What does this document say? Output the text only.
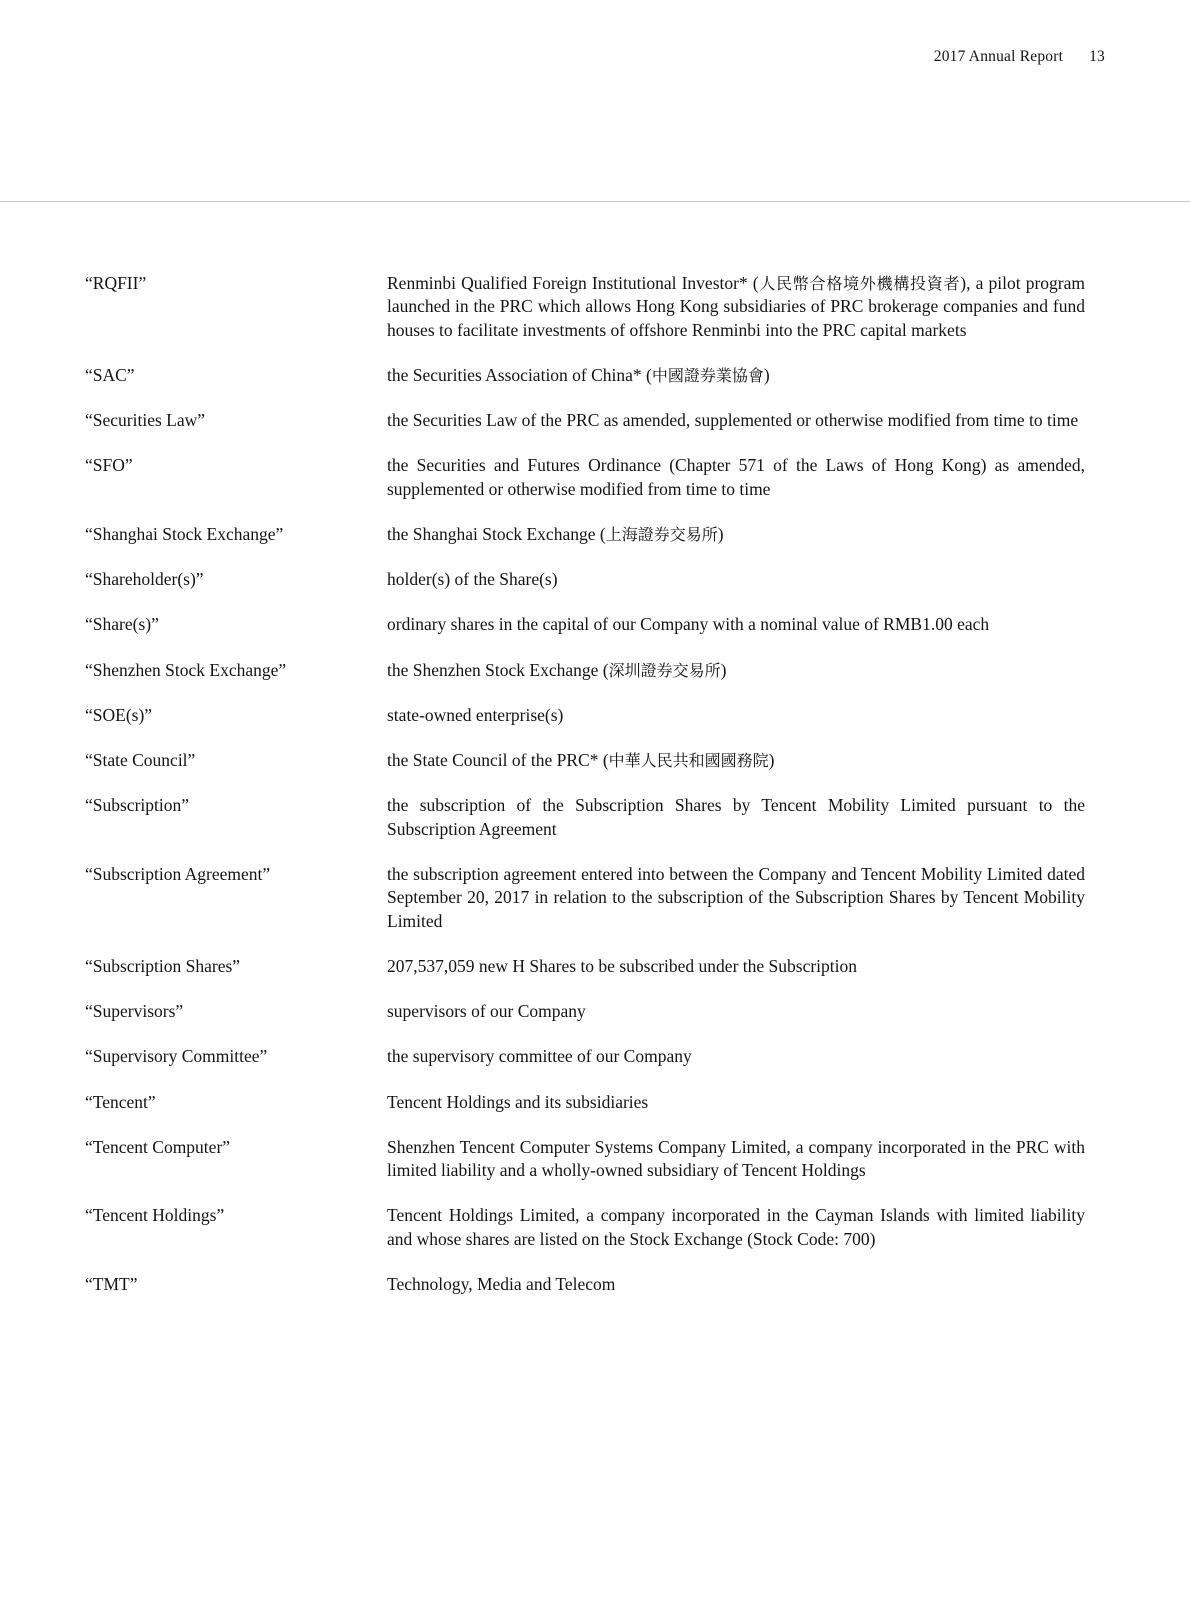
2017 Annual Report 13
“RQFII”	Renminbi Qualified Foreign Institutional Investor* (人民幣合格境外機構投資者), a pilot program launched in the PRC which allows Hong Kong subsidiaries of PRC brokerage companies and fund houses to facilitate investments of offshore Renminbi into the PRC capital markets
“SAC”	the Securities Association of China* (中國證券業協會)
“Securities Law”	the Securities Law of the PRC as amended, supplemented or otherwise modified from time to time
“SFO”	the Securities and Futures Ordinance (Chapter 571 of the Laws of Hong Kong) as amended, supplemented or otherwise modified from time to time
“Shanghai Stock Exchange”	the Shanghai Stock Exchange (上海證券交易所)
“Shareholder(s)”	holder(s) of the Share(s)
“Share(s)”	ordinary shares in the capital of our Company with a nominal value of RMB1.00 each
“Shenzhen Stock Exchange”	the Shenzhen Stock Exchange (深圳證券交易所)
“SOE(s)”	state-owned enterprise(s)
“State Council”	the State Council of the PRC* (中華人民共和國國務院)
“Subscription”	the subscription of the Subscription Shares by Tencent Mobility Limited pursuant to the Subscription Agreement
“Subscription Agreement”	the subscription agreement entered into between the Company and Tencent Mobility Limited dated September 20, 2017 in relation to the subscription of the Subscription Shares by Tencent Mobility Limited
“Subscription Shares”	207,537,059 new H Shares to be subscribed under the Subscription
“Supervisors”	supervisors of our Company
“Supervisory Committee”	the supervisory committee of our Company
“Tencent”	Tencent Holdings and its subsidiaries
“Tencent Computer”	Shenzhen Tencent Computer Systems Company Limited, a company incorporated in the PRC with limited liability and a wholly-owned subsidiary of Tencent Holdings
“Tencent Holdings”	Tencent Holdings Limited, a company incorporated in the Cayman Islands with limited liability and whose shares are listed on the Stock Exchange (Stock Code: 700)
“TMT”	Technology, Media and Telecom
